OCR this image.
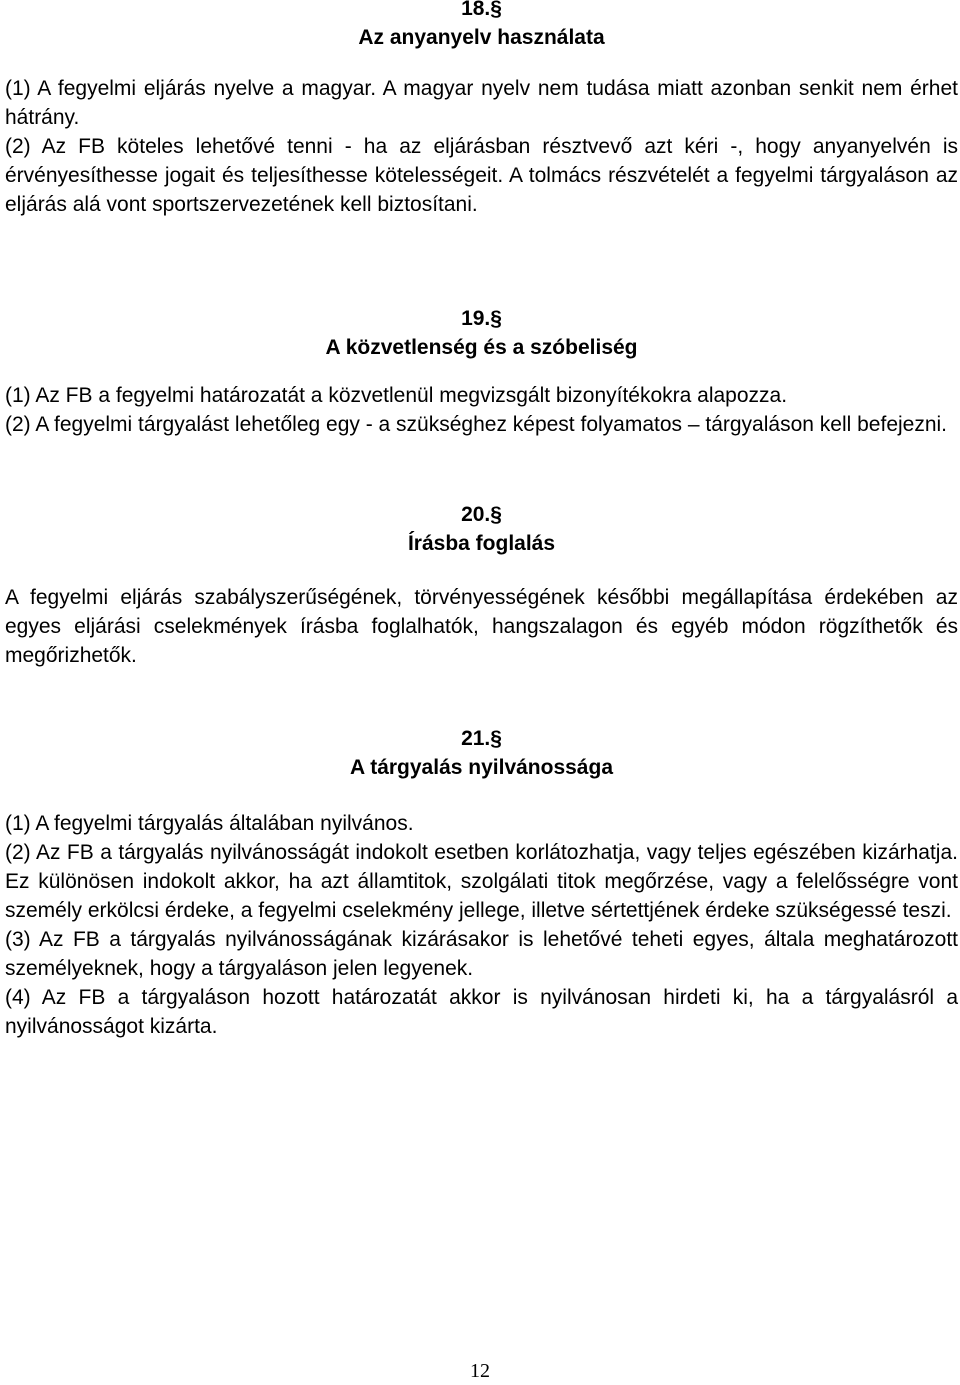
18.§

Az anyanyelv használata

(1) A fegyelmi eljárás nyelve a magyar. A magyar nyelv nem tudása miatt azonban senkit nem érhet hátrány.

(2) Az FB köteles lehetővé tenni - ha az eljárásban résztvevő azt kéri -, hogy anyanyelvén is érvényesíthesse jogait és teljesíthesse kötelességeit. A tolmács részvételét a fegyelmi tárgyaláson az eljárás alá vont sportszervezetének kell biztosítani.

19.§

A közvetlenség és a szóbeliség

(1) Az FB a fegyelmi határozatát a közvetlenül megvizsgált bizonyítékokra alapozza.

(2) A fegyelmi tárgyalást lehetőleg egy - a szükséghez képest folyamatos – tárgyaláson kell befejezni.

20.§

Írásba foglalás

A fegyelmi eljárás szabályszerűségének, törvényességének későbbi megállapítása érdekében az egyes eljárási cselekmények írásba foglalhatók, hangszalagon és egyéb módon rögzíthetők és megőrizhetők.

21.§

A tárgyalás nyilvánossága

(1) A fegyelmi tárgyalás általában nyilvános.

(2) Az FB a tárgyalás nyilvánosságát indokolt esetben korlátozhatja, vagy teljes egészében kizárhatja. Ez különösen indokolt akkor, ha azt államtitok, szolgálati titok megőrzése, vagy a felelősségre vont személy erkölcsi érdeke, a fegyelmi cselekmény jellege, illetve sértettjének érdeke szükségessé teszi.

(3) Az FB a tárgyalás nyilvánosságának kizárásakor is lehetővé teheti egyes, általa meghatározott személyeknek, hogy a tárgyaláson jelen legyenek.

(4) Az FB a tárgyaláson hozott határozatát akkor is nyilvánosan hirdeti ki, ha a tárgyalásról a nyilvánosságot kizárta.

12
